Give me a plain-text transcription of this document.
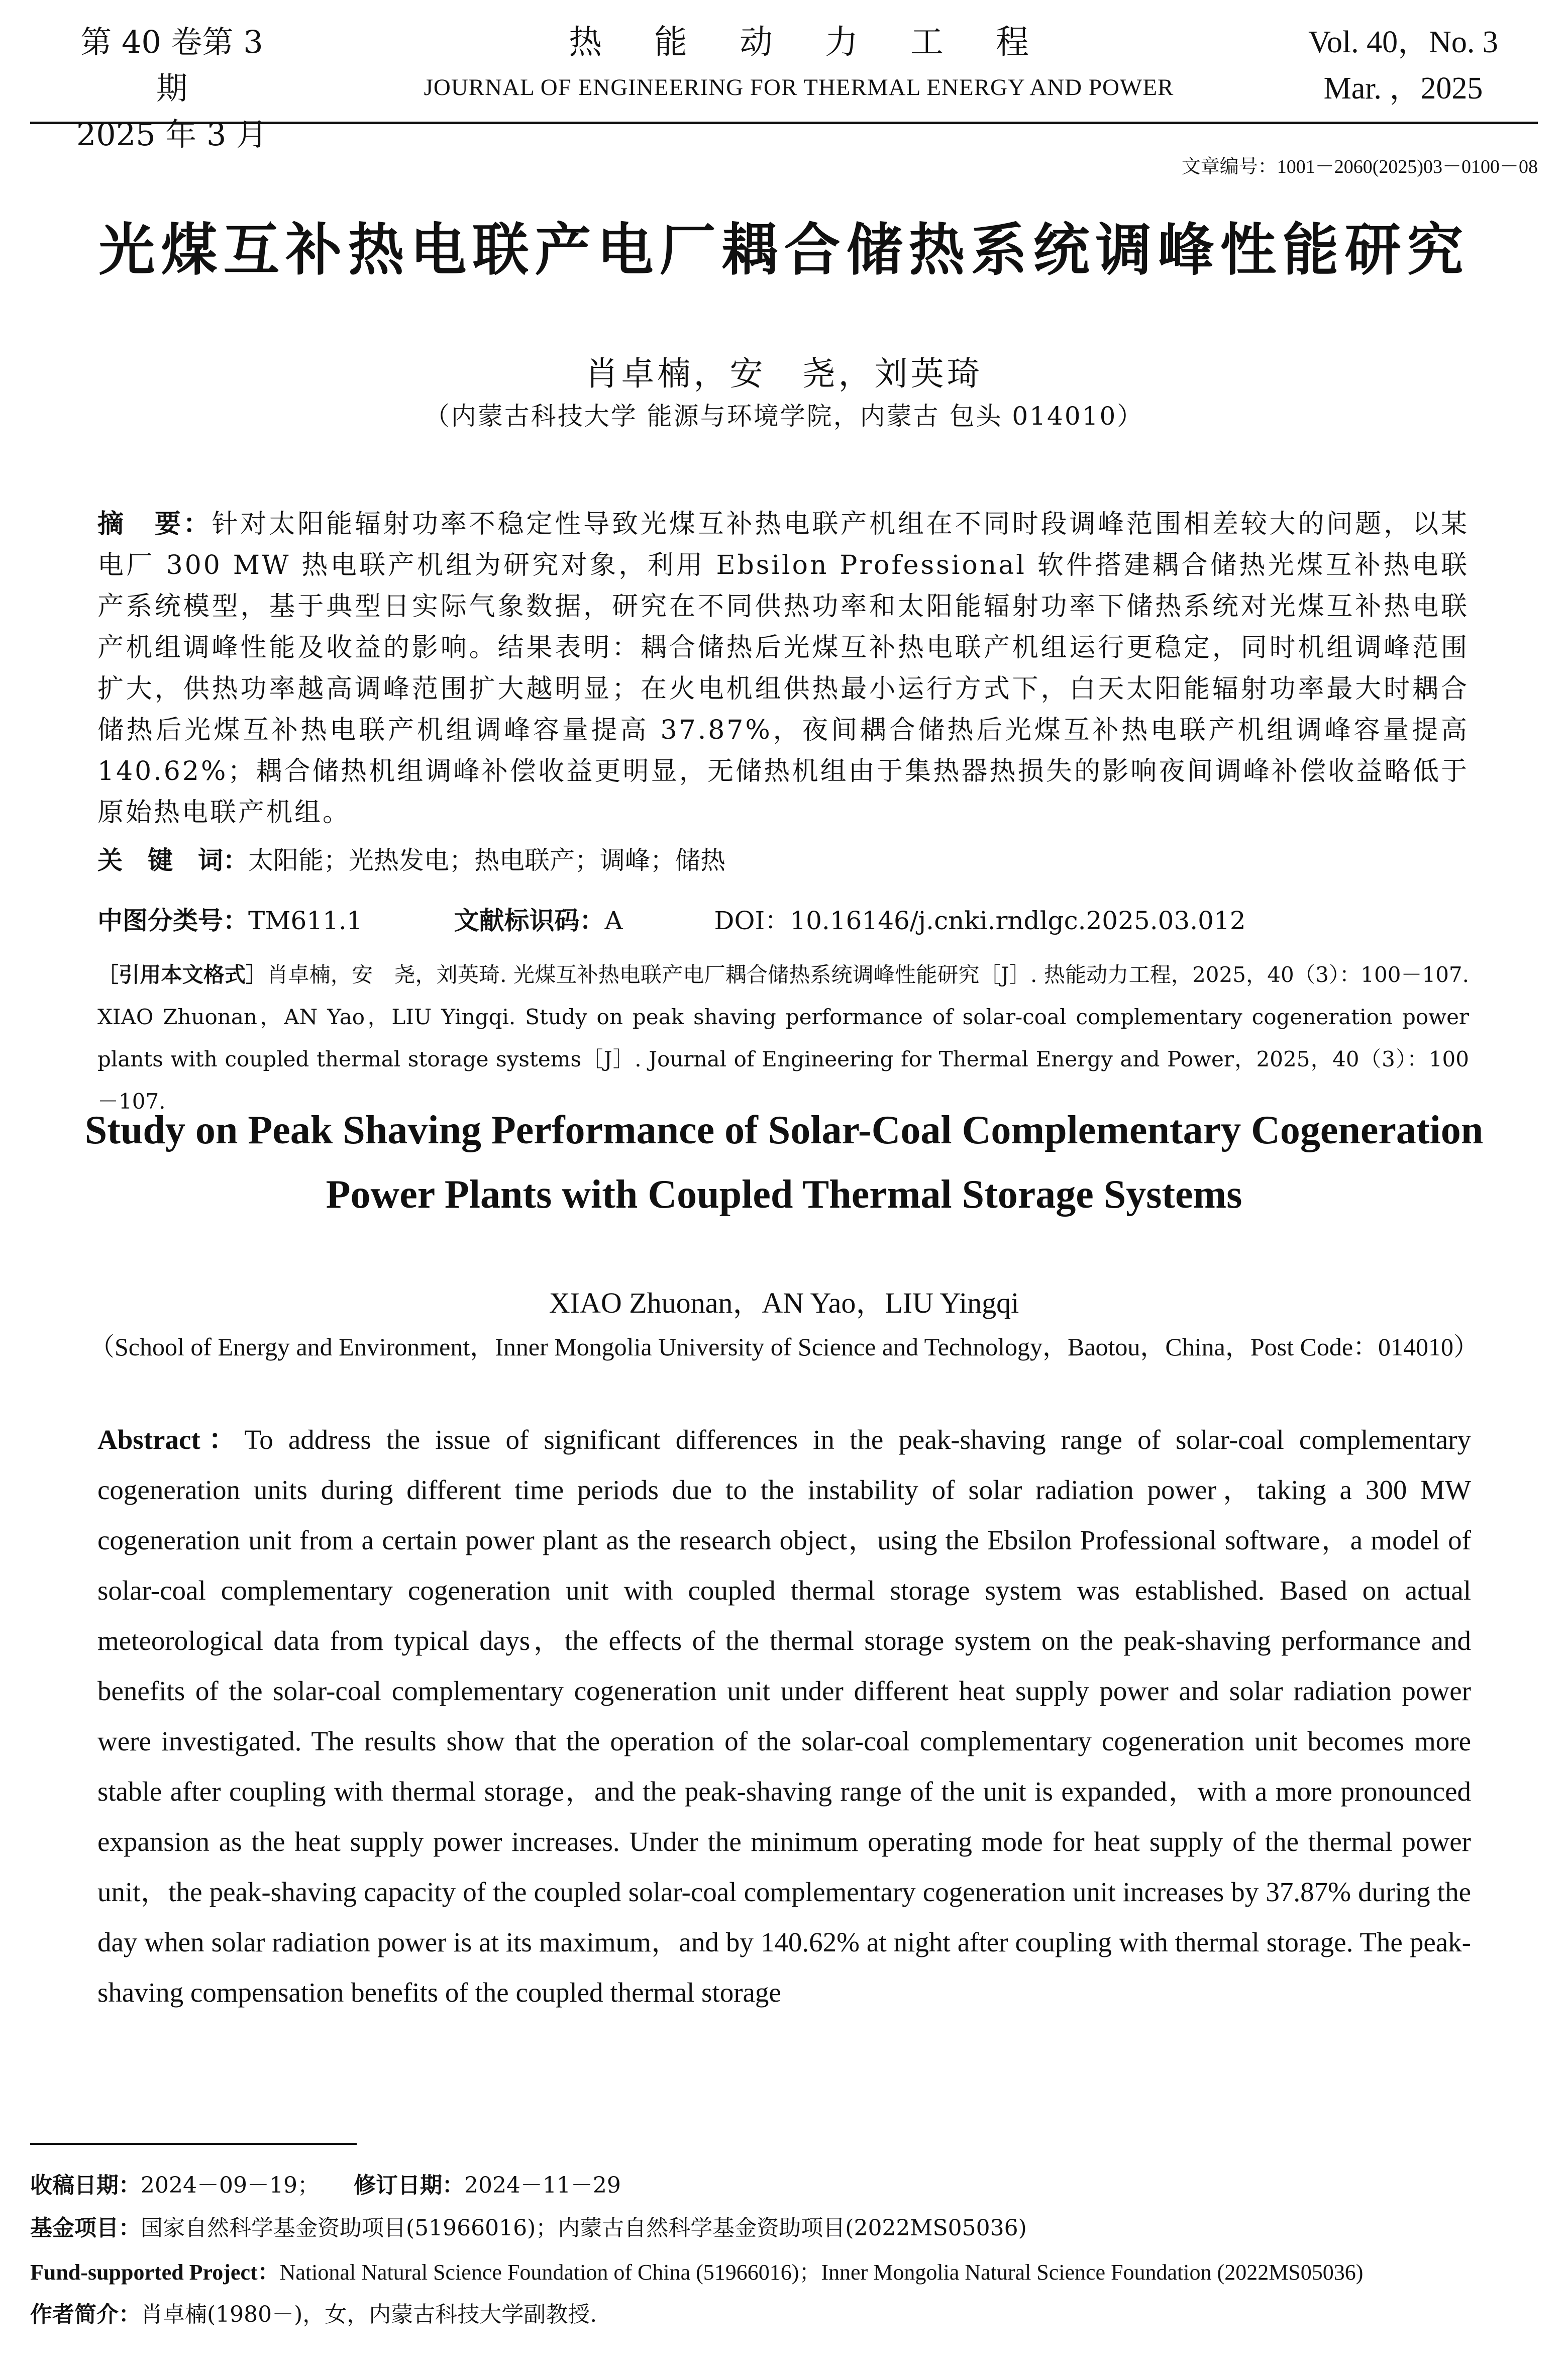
第 40 卷第 3 期
2025 年 3 月
热 能 动 力 工 程
JOURNAL OF ENGINEERING FOR THERMAL ENERGY AND POWER
Vol. 40，No. 3
Mar. ，2025
文章编号：1001－2060(2025)03－0100－08
光煤互补热电联产电厂耦合储热系统调峰性能研究
肖卓楠，安　尧，刘英琦
（内蒙古科技大学 能源与环境学院，内蒙古 包头 014010）
摘　要：针对太阳能辐射功率不稳定性导致光煤互补热电联产机组在不同时段调峰范围相差较大的问题，以某电厂 300 MW 热电联产机组为研究对象，利用 Ebsilon Professional 软件搭建耦合储热光煤互补热电联产系统模型，基于典型日实际气象数据，研究在不同供热功率和太阳能辐射功率下储热系统对光煤互补热电联产机组调峰性能及收益的影响。结果表明：耦合储热后光煤互补热电联产机组运行更稳定，同时机组调峰范围扩大，供热功率越高调峰范围扩大越明显；在火电机组供热最小运行方式下，白天太阳能辐射功率最大时耦合储热后光煤互补热电联产机组调峰容量提高 37.87%，夜间耦合储热后光煤互补热电联产机组调峰容量提高 140.62%；耦合储热机组调峰补偿收益更明显，无储热机组由于集热器热损失的影响夜间调峰补偿收益略低于原始热电联产机组。
关　键　词：太阳能；光热发电；热电联产；调峰；储热
中图分类号：TM611.1	文献标识码：A	DOI：10.16146/j.cnki.rndlgc.2025.03.012
［引用本文格式］肖卓楠，安　尧，刘英琦. 光煤互补热电联产电厂耦合储热系统调峰性能研究［J］. 热能动力工程，2025，40（3）：100－107. XIAO Zhuonan，AN Yao，LIU Yingqi. Study on peak shaving performance of solar-coal complementary cogeneration power plants with coupled thermal storage systems［J］. Journal of Engineering for Thermal Energy and Power，2025，40（3）：100－107.
Study on Peak Shaving Performance of Solar-Coal Complementary Cogeneration
Power Plants with Coupled Thermal Storage Systems
XIAO Zhuonan，AN Yao，LIU Yingqi
（School of Energy and Environment，Inner Mongolia University of Science and Technology，Baotou，China，Post Code：014010）
Abstract：To address the issue of significant differences in the peak-shaving range of solar-coal complementary cogeneration units during different time periods due to the instability of solar radiation power，taking a 300 MW cogeneration unit from a certain power plant as the research object，using the Ebsilon Professional software，a model of solar-coal complementary cogeneration unit with coupled thermal storage system was established. Based on actual meteorological data from typical days，the effects of the thermal storage system on the peak-shaving performance and benefits of the solar-coal complementary cogeneration unit under different heat supply power and solar radiation power were investigated. The results show that the operation of the solar-coal complementary cogeneration unit becomes more stable after coupling with thermal storage，and the peak-shaving range of the unit is expanded，with a more pronounced expansion as the heat supply power increases. Under the minimum operating mode for heat supply of the thermal power unit，the peak-shaving capacity of the coupled solar-coal complementary cogeneration unit increases by 37.87% during the day when solar radiation power is at its maximum，and by 140.62% at night after coupling with thermal storage. The peak-shaving compensation benefits of the coupled thermal storage
收稿日期：2024－09－19； 修订日期：2024－11－29
基金项目：国家自然科学基金资助项目(51966016)；内蒙古自然科学基金资助项目(2022MS05036)
Fund-supported Project：National Natural Science Foundation of China (51966016)；Inner Mongolia Natural Science Foundation (2022MS05036)
作者简介：肖卓楠(1980－)，女，内蒙古科技大学副教授.
